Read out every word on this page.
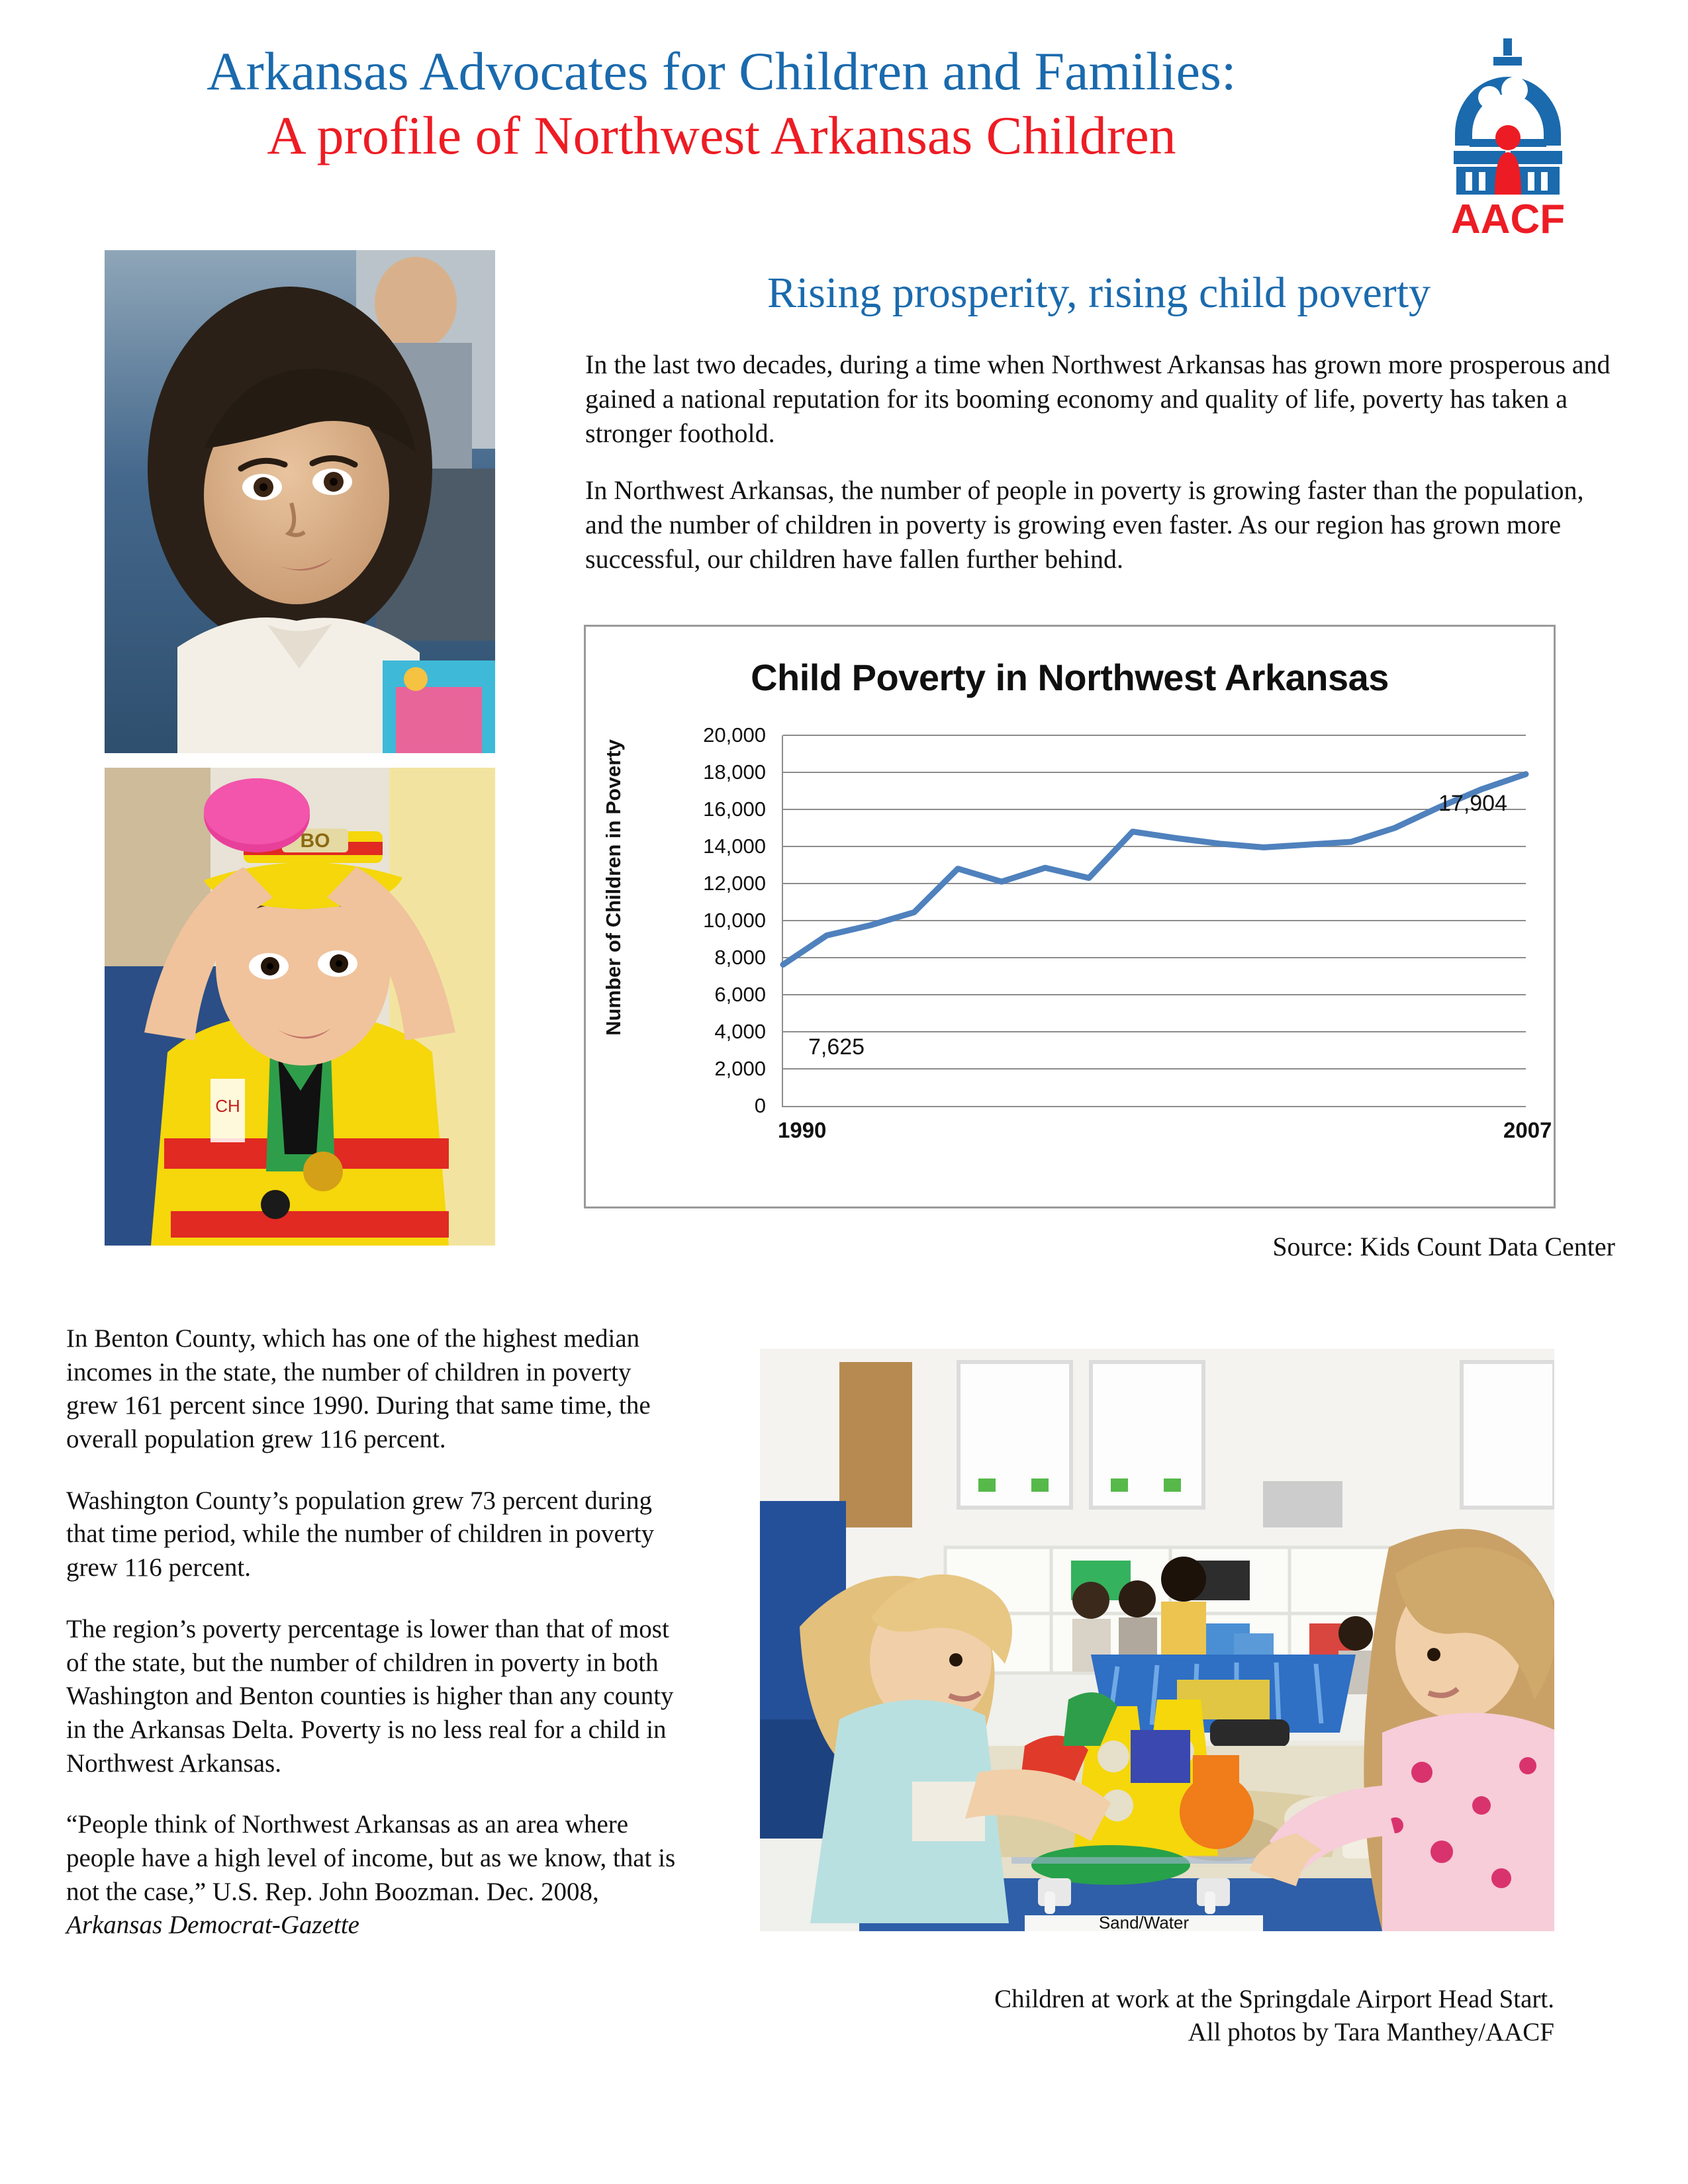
Arkansas Advocates for Children and Families:
A profile of Northwest Arkansas Children
AACF
CH
BO
Rising prosperity, rising child poverty

In the last two decades, during a time when Northwest Arkansas has grown more prosperous and gained a national reputation for its booming economy and quality of life, poverty has taken a stronger foothold.

In Northwest Arkansas, the number of people in poverty is growing faster than the population, and the number of children in poverty is growing even faster. As our region has grown more successful, our children have fallen further behind.

Child Poverty in Northwest Arkansas
Number of Children in Poverty
20,000
18,000
16,000
14,000
12,000
10,000
8,000
6,000
4,000
2,000
0
1990	2007
7,625
17,904
Source: Kids Count Data Center

In Benton County, which has one of the highest median incomes in the state, the number of children in poverty grew 161 percent since 1990. During that same time, the overall population grew 116 percent.

Washington County’s population grew 73 percent during that time period, while the number of children in poverty grew 116 percent.

The region’s poverty percentage is lower than that of most of the state, but the number of children in poverty in both Washington and Benton counties is higher than any county in the Arkansas Delta. Poverty is no less real for a child in Northwest Arkansas.

“People think of Northwest Arkansas as an area where people have a high level of income, but as we know, that is not the case,” U.S. Rep. John Boozman. Dec. 2008, Arkansas Democrat-Gazette	Sand/Water
Children at work at the Springdale Airport Head Start.
All photos by Tara Manthey/AACF
